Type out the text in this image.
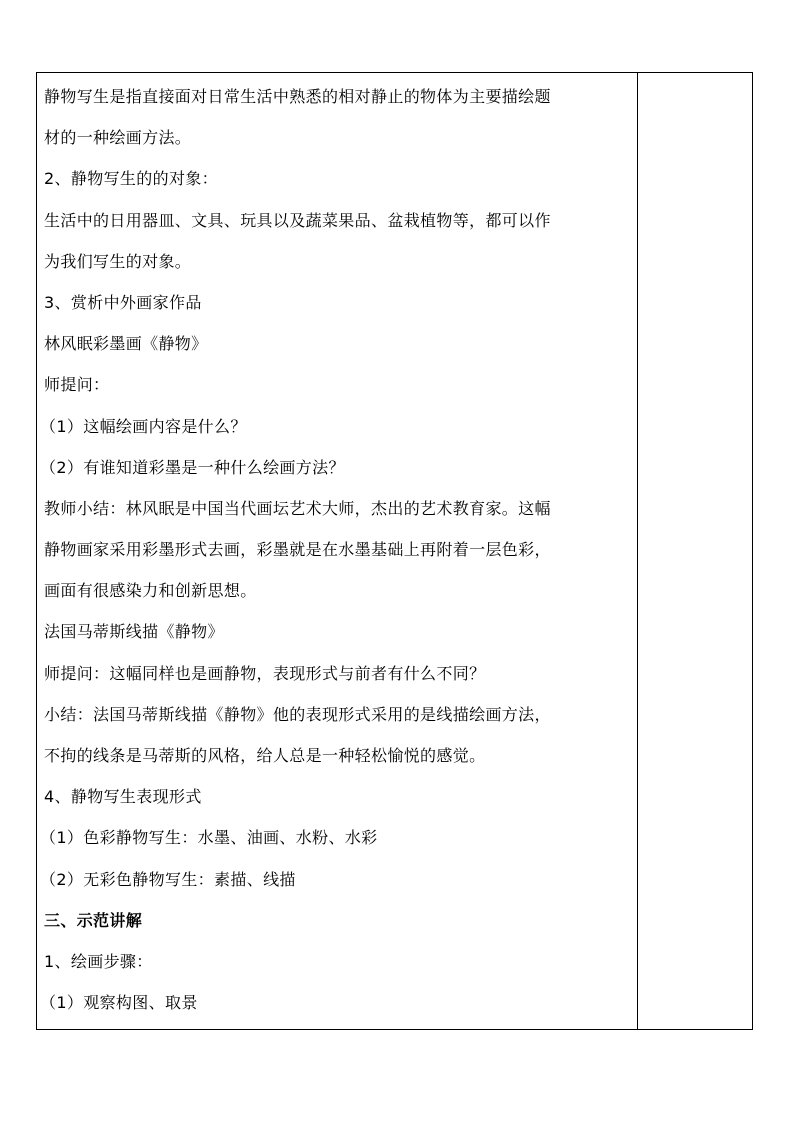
静物写生是指直接面对日常生活中熟悉的相对静止的物体为主要描绘题
材的一种绘画方法。
2、静物写生的的对象：
生活中的日用器皿、文具、玩具以及蔬菜果品、盆栽植物等，都可以作
为我们写生的对象。
3、赏析中外画家作品
林风眠彩墨画《静物》
师提问：
（1）这幅绘画内容是什么？
（2）有谁知道彩墨是一种什么绘画方法？
教师小结：林风眠是中国当代画坛艺术大师，杰出的艺术教育家。这幅
静物画家采用彩墨形式去画，彩墨就是在水墨基础上再附着一层色彩，
画面有很感染力和创新思想。
法国马蒂斯线描《静物》
师提问：这幅同样也是画静物，表现形式与前者有什么不同？
小结：法国马蒂斯线描《静物》他的表现形式采用的是线描绘画方法，
不拘的线条是马蒂斯的风格，给人总是一种轻松愉悦的感觉。
4、静物写生表现形式
（1）色彩静物写生：水墨、油画、水粉、水彩
（2）无彩色静物写生：素描、线描
三、示范讲解
1、绘画步骤：
（1）观察构图、取景
